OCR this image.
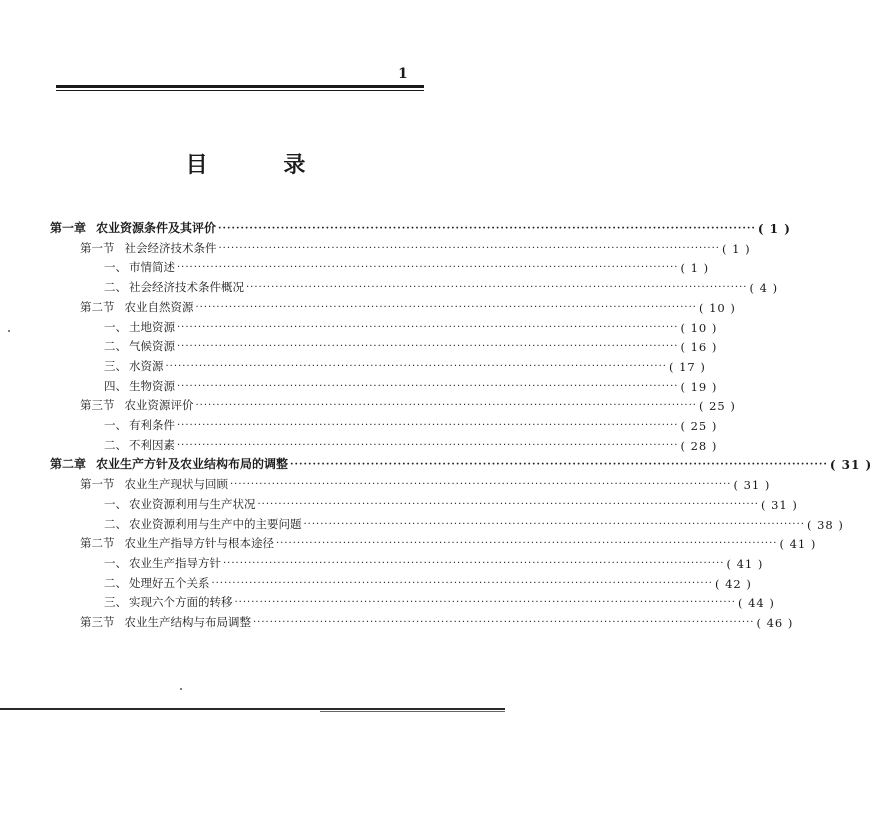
1
目 录
第一章 农业资源条件及其评价 ························································································································ ( 1 )
第一节 社会经济技术条件 ························································································································ ( 1 )
一、 市情简述 ························································································································ ( 1 )
二、 社会经济技术条件概况 ························································································································ ( 4 )
第二节 农业自然资源 ························································································································ ( 10 )
一、 土地资源 ························································································································ ( 10 )
二、 气候资源 ························································································································ ( 16 )
三、 水资源 ························································································································ ( 17 )
四、 生物资源 ························································································································ ( 19 )
第三节 农业资源评价 ························································································································ ( 25 )
一、 有利条件 ························································································································ ( 25 )
二、 不利因素 ························································································································ ( 28 )
第二章 农业生产方针及农业结构布局的调整 ························································································································ ( 31 )
第一节 农业生产现状与回顾 ························································································································ ( 31 )
一、 农业资源利用与生产状况 ························································································································ ( 31 )
二、 农业资源利用与生产中的主要问题 ························································································································ ( 38 )
第二节 农业生产指导方针与根本途径 ························································································································ ( 41 )
一、 农业生产指导方针 ························································································································ ( 41 )
二、 处理好五个关系 ························································································································ ( 42 )
三、 实现六个方面的转移 ························································································································ ( 44 )
第三节 农业生产结构与布局调整 ························································································································ ( 46 )
